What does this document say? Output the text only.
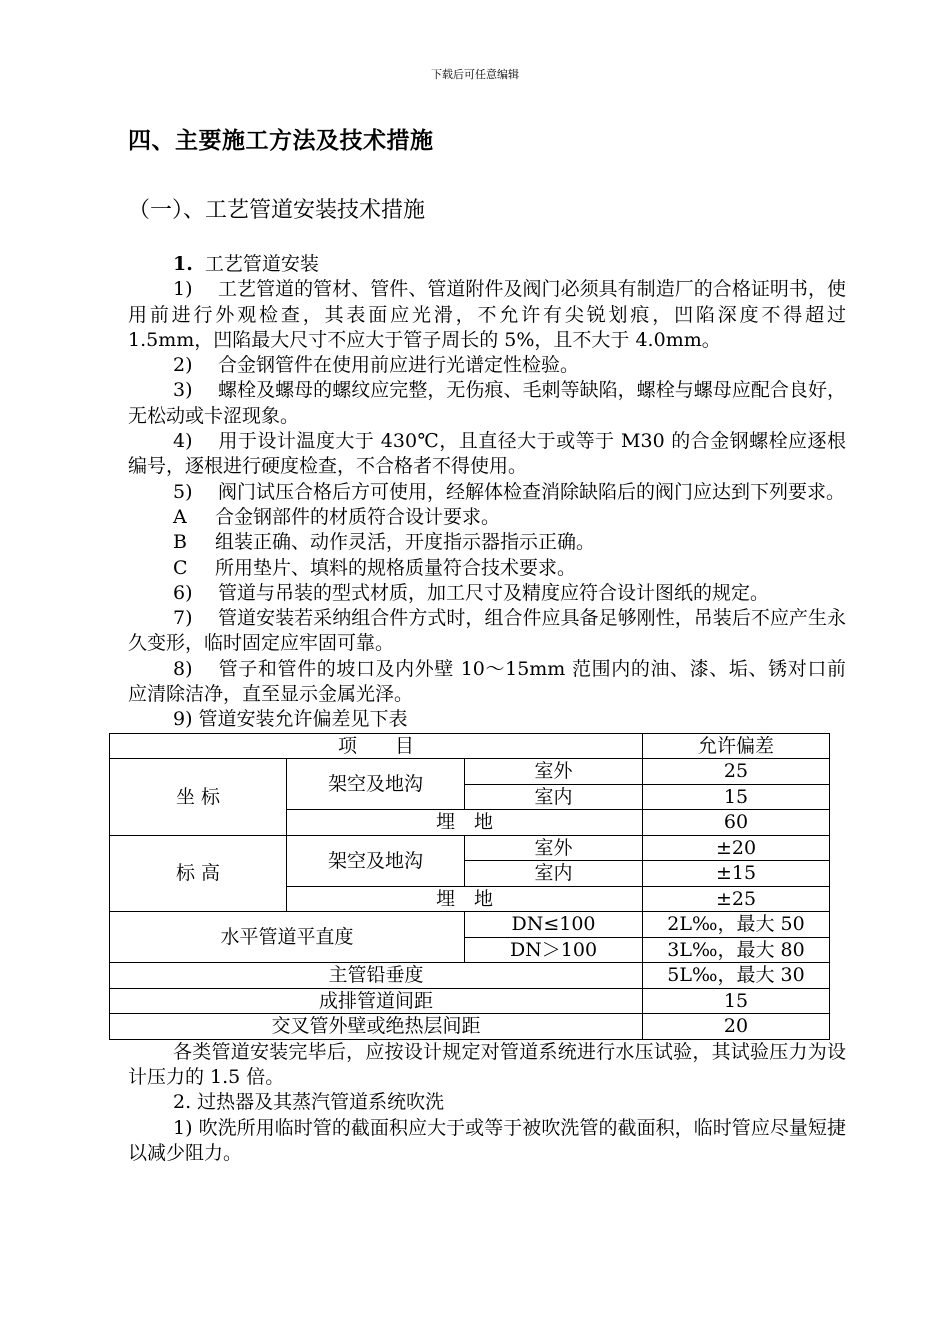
下载后可任意编辑
四、主要施工方法及技术措施
（一）、工艺管道安装技术措施

1. 工艺管道安装

1) 工艺管道的管材、管件、管道附件及阀门必须具有制造厂的合格证明书，使用前进行外观检查，其表面应光滑，不允许有尖锐划痕，凹陷深度不得超过 1.5mm，凹陷最大尺寸不应大于管子周长的 5%，且不大于 4.0mm。

2) 合金钢管件在使用前应进行光谱定性检验。

3) 螺栓及螺母的螺纹应完整，无伤痕、毛刺等缺陷，螺栓与螺母应配合良好，无松动或卡涩现象。

4) 用于设计温度大于 430℃，且直径大于或等于 M30 的合金钢螺栓应逐根编号，逐根进行硬度检查，不合格者不得使用。

5) 阀门试压合格后方可使用，经解体检查消除缺陷后的阀门应达到下列要求。

A 合金钢部件的材质符合设计要求。

B 组装正确、动作灵活，开度指示器指示正确。

C 所用垫片、填料的规格质量符合技术要求。

6) 管道与吊装的型式材质，加工尺寸及精度应符合设计图纸的规定。

7) 管道安装若采纳组合件方式时，组合件应具备足够刚性，吊装后不应产生永久变形，临时固定应牢固可靠。

8) 管子和管件的坡口及内外壁 10～15mm 范围内的油、漆、垢、锈对口前应清除洁净，直至显示金属光泽。

9) 管道安装允许偏差见下表

项　　目			允许偏差
坐 标	架空及地沟	室外	25
		室内	15
	埋　地		60
标 高	架空及地沟	室外	±20
		室内	±15
	埋　地		±25
水平管道平直度		DN≤100	2L‰，最大 50
		DN＞100	3L‰，最大 80
主管铅垂度			5L‰，最大 30
成排管道间距			15
交叉管外壁或绝热层间距			20

各类管道安装完毕后，应按设计规定对管道系统进行水压试验，其试验压力为设计压力的 1.5 倍。

2. 过热器及其蒸汽管道系统吹洗

1) 吹洗所用临时管的截面积应大于或等于被吹洗管的截面积，临时管应尽量短捷以减少阻力。
